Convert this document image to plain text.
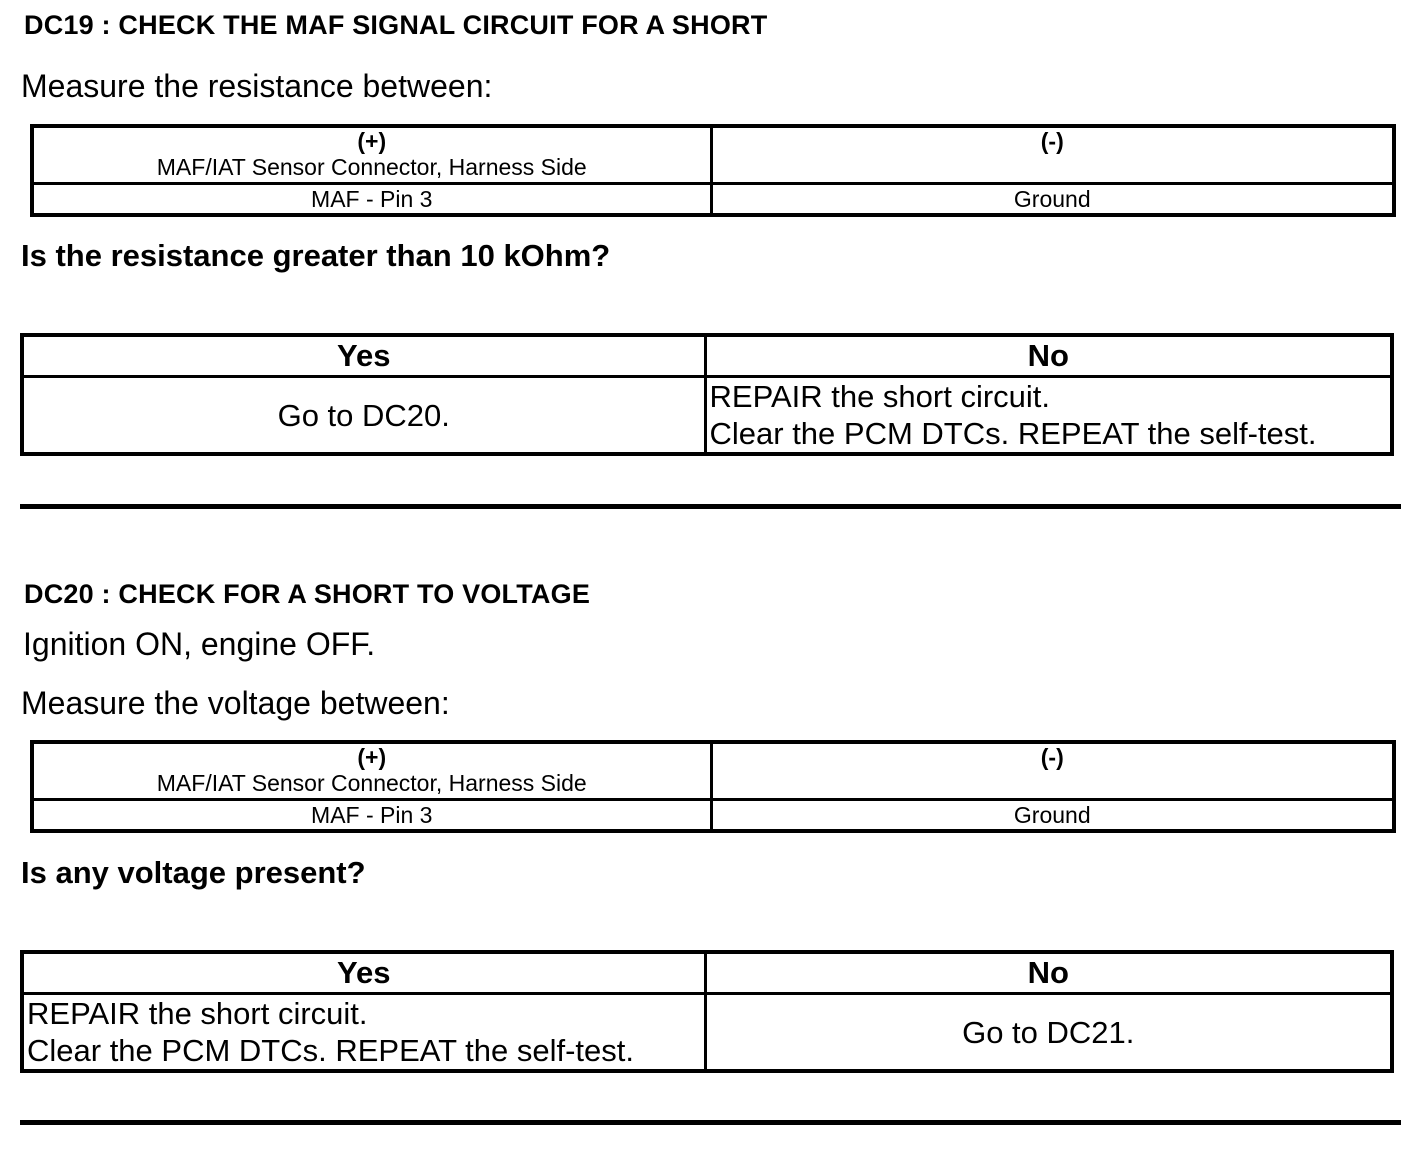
DC19 : CHECK THE MAF SIGNAL CIRCUIT FOR A SHORT
Measure the resistance between:
(+)
MAF/IAT Sensor Connector, Harness Side	(-)

MAF - Pin 3	Ground
Is the resistance greater than 10 kOhm?
Yes	No
Go to DC20.	REPAIR the short circuit.
Clear the PCM DTCs. REPEAT the self-test.
DC20 : CHECK FOR A SHORT TO VOLTAGE
Ignition ON, engine OFF.
Measure the voltage between:
(+)
MAF/IAT Sensor Connector, Harness Side	(-)

MAF - Pin 3	Ground
Is any voltage present?
Yes	No

REPAIR the short circuit.
Clear the PCM DTCs. REPEAT the self-test.	Go to DC21.
